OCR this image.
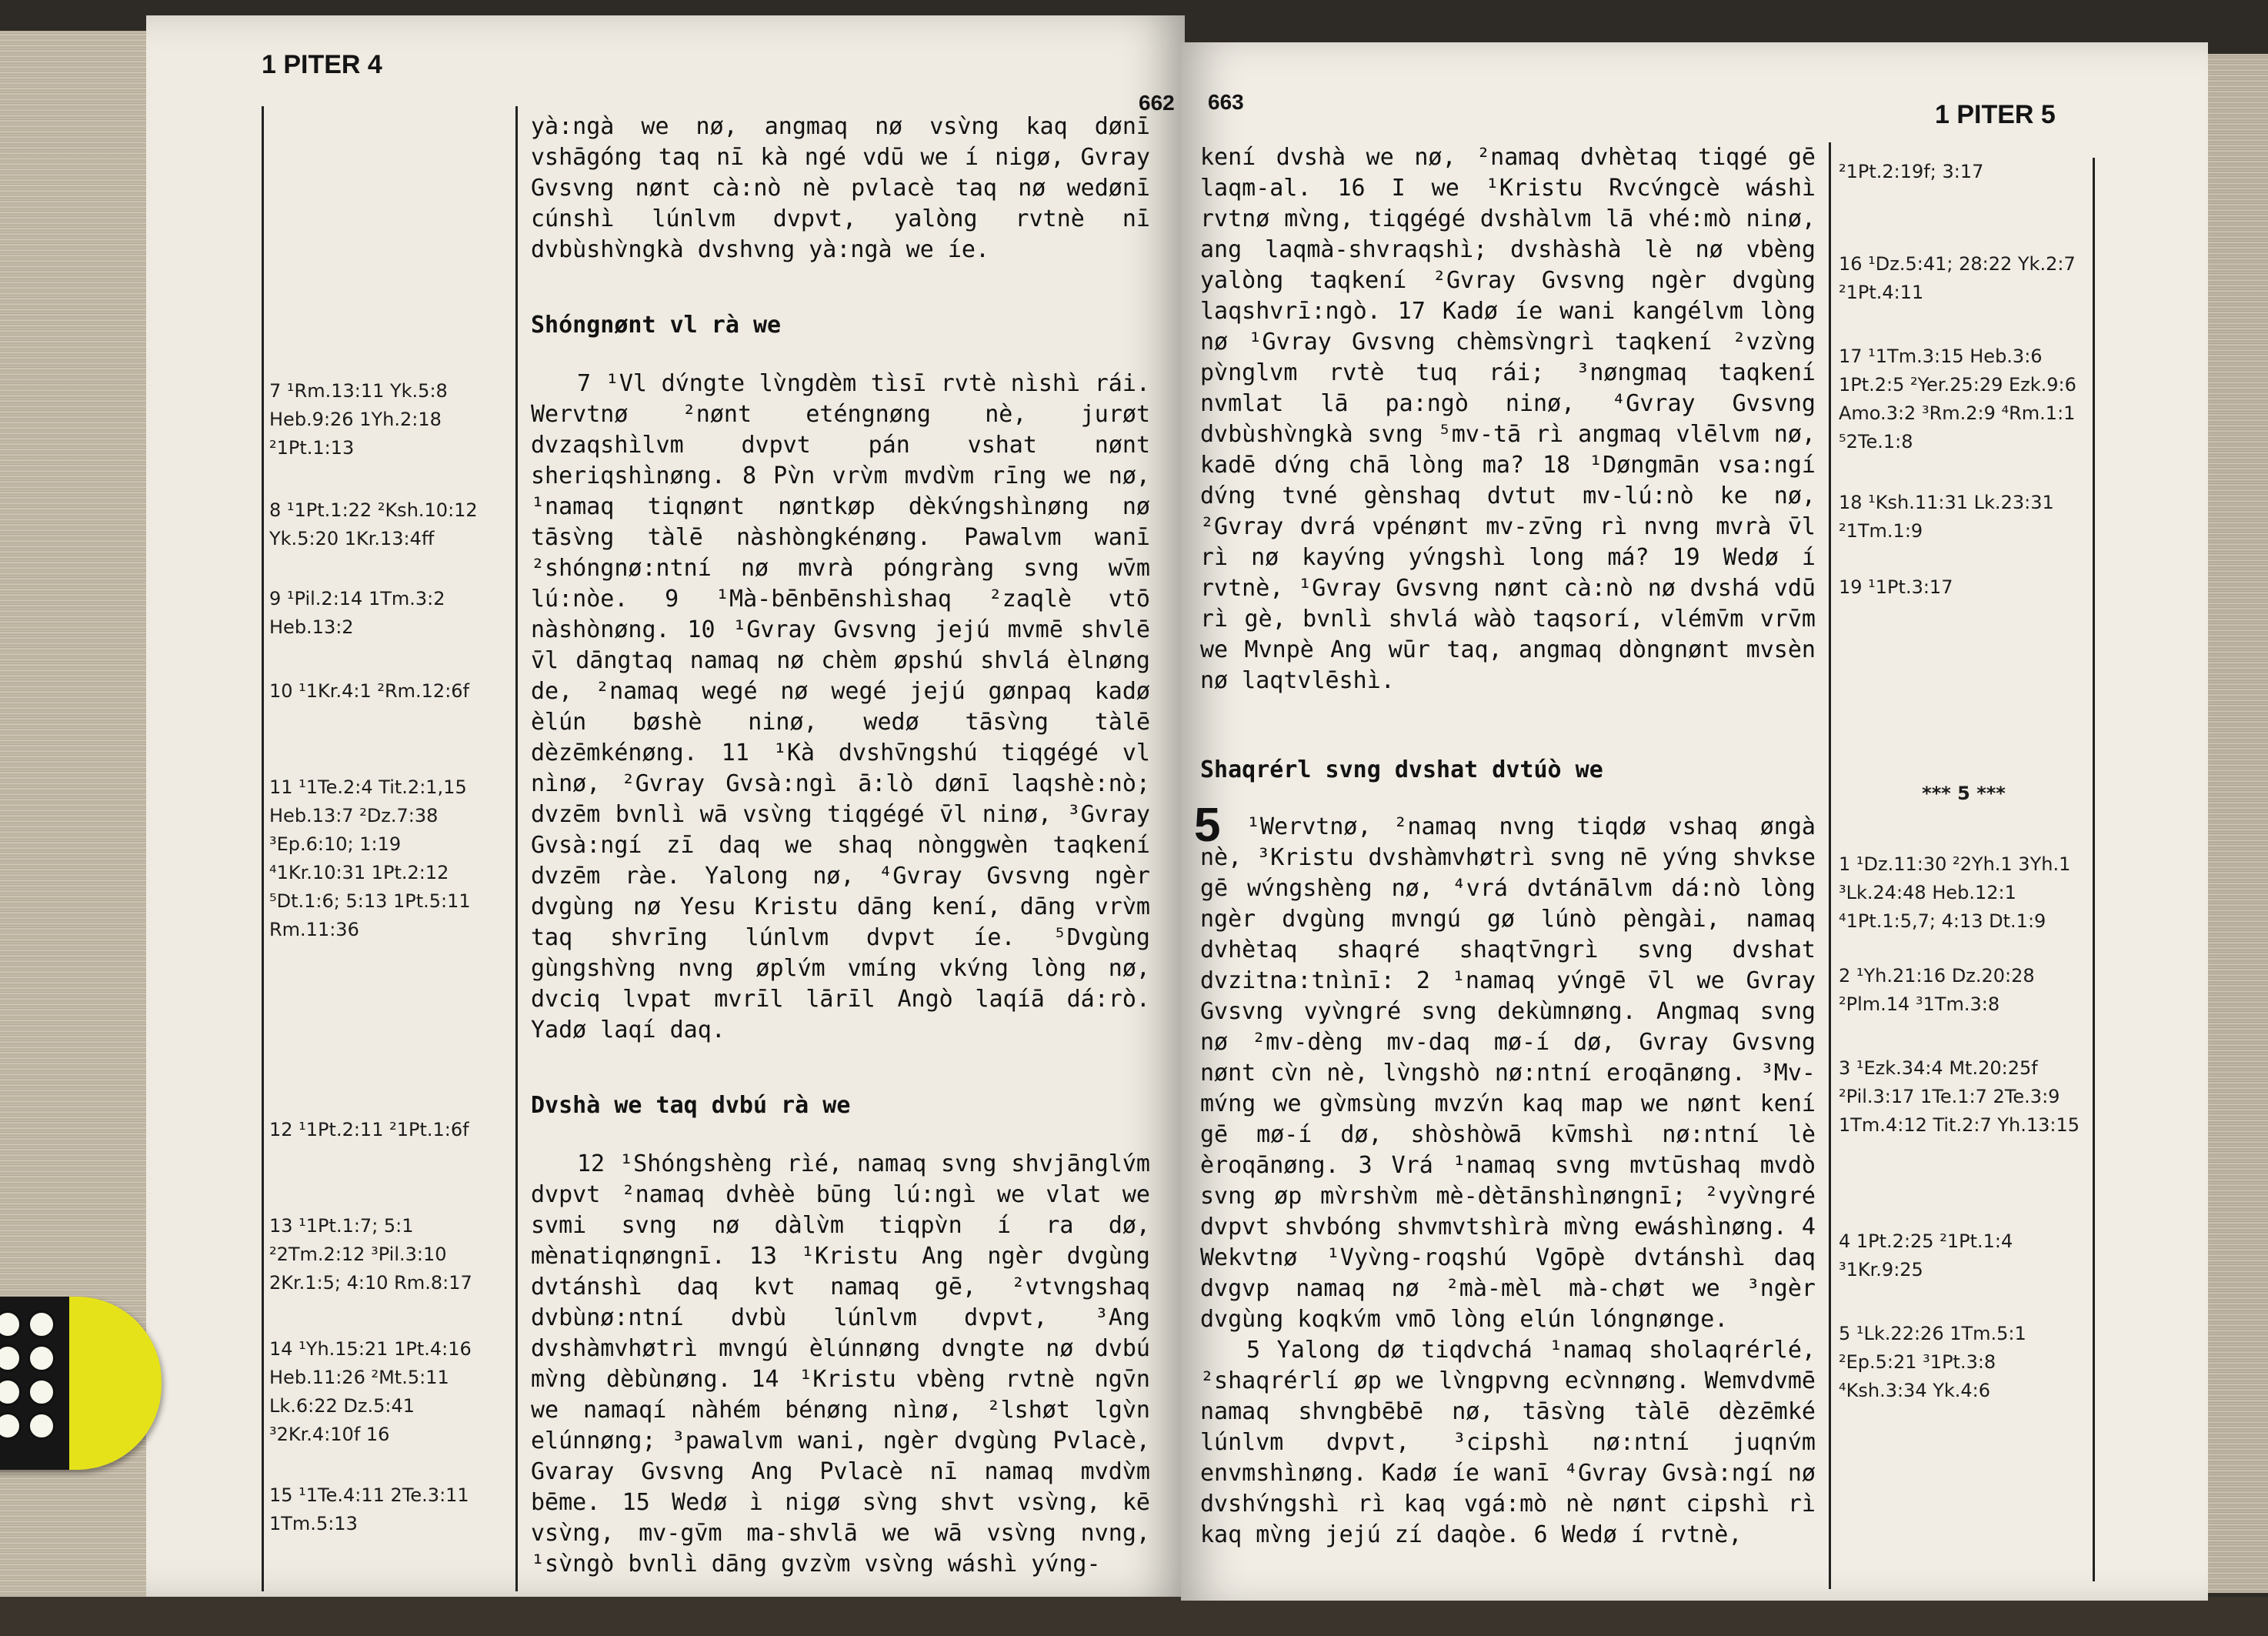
1 PITER 4
662

7 ¹Rm.13:11 Yk.5:8 Heb.9:26 1Yh.2:18 ²1Pt.1:13

8 ¹1Pt.1:22 ²Ksh.10:12 Yk.5:20 1Kr.13:4ff

9 ¹Pil.2:14 1Tm.3:2 Heb.13:2

10 ¹1Kr.4:1 ²Rm.12:6f

11 ¹1Te.2:4 Tit.2:1,15 Heb.13:7 ²Dz.7:38 ³Ep.6:10; 1:19 ⁴1Kr.10:31 1Pt.2:12 ⁵Dt.1:6; 5:13 1Pt.5:11 Rm.11:36

12 ¹1Pt.2:11 ²1Pt.1:6f

13 ¹1Pt.1:7; 5:1 ²2Tm.2:12 ³Pil.3:10 2Kr.1:5; 4:10 Rm.8:17

14 ¹Yh.15:21 1Pt.4:16 Heb.11:26 ²Mt.5:11 Lk.6:22 Dz.5:41 ³2Kr.4:10f 16

15 ¹1Te.4:11 2Te.3:11 1Tm.5:13

yà:ngà we nø, angmaq nø vsv̀ng kaq dønī vshāgóng taq nī kà ngé vdū we í nigø, Gvray Gvsvng nønt cà:nò nè pvlacè taq nø wedønī cúnshì lúnlvm dvpvt, yalòng rvtnè nī dvbùshv̀ngkà dvshvng yà:ngà we íe.

Shóngnønt vl rà we

7 ¹Vl dv́ngte lv̀ngdèm tìsī rvtè nìshì rái. Wervtnø ²nønt eténgnøng nè, jurøt dvzaqshìlvm dvpvt pán vshat nønt sheriqshìnøng. 8 Pv̀n vrv̀m mvdv̀m rīng we nø, ¹namaq tiqnønt nøntkøp dèkv́ngshìnøng nø tāsv̀ng tàlē nàshòngkénøng. Pawalvm wanī ²shóngnø:ntní nø mvrà póngràng svng wv̄m lú:nòe. 9 ¹Mà-bēnbēnshìshaq ²zaqlè vtō nàshònøng. 10 ¹Gvray Gvsvng jejú mvmē shvlē v̄l dāngtaq namaq nø chèm øpshú shvlá èlnøng de, ²namaq wegé nø wegé jejú gønpaq kadø èlún bøshè ninø, wedø tāsv̀ng tàlē dèzēmkénøng. 11 ¹Kà dvshv̄ngshú tiqgégé vl nìnø, ²Gvray Gvsà:ngì ā:lò dønī laqshè:nò; dvzēm bvnlì wā vsv̀ng tiqgégé v̄l ninø, ³Gvray Gvsà:ngí zī daq we shaq nònggwèn taqkení dvzēm ràe. Yalong nø, ⁴Gvray Gvsvng ngèr dvgùng nø Yesu Kristu dāng kení, dāng vrv̀m taq shvrīng lúnlvm dvpvt íe. ⁵Dvgùng gùngshv̀ng nvng øplv́m vmíng vkv́ng lòng nø, dvciq lvpat mvrīl lārīl Angò laqíā dá:rò. Yadø laqí daq.

Dvshà we taq dvbú rà we

12 ¹Shóngshèng rìé, namaq svng shvjānglv́m dvpvt ²namaq dvhèè būng lú:ngì we vlat we svmi svng nø dàlv̀m tiqpv̀n í ra dø, mènatiqnøngnī. 13 ¹Kristu Ang ngèr dvgùng dvtánshì daq kvt namaq gē, ²vtvngshaq dvbùnø:ntní dvbù lúnlvm dvpvt, ³Ang dvshàmvhøtrì mvngú èlúnnøng dvngte nø dvbú mv̀ng dèbùnøng. 14 ¹Kristu vbèng rvtnè ngv̄n we namaqí nàhém bénøng nìnø, ²lshøt lgv̀n elúnnøng; ³pawalvm wani, ngèr dvgùng Pvlacè, Gvaray Gvsvng Ang Pvlacè nī namaq mvdv̀m bēme. 15 Wedø ì nigø sv̀ng shvt vsv̀ng, kē vsv̀ng, mv-gv̄m ma-shvlā we wā vsv̀ng nvng, ¹sv̀ngò bvnlì dāng gvzv̀m vsv̀ng wáshì yv́ng-

663	1 PITER 5

kení dvshà we nø, ²namaq dvhètaq tiqgé gē laqm-al. 16 I we ¹Kristu Rvcv́ngcè wáshì rvtnø mv̀ng, tiqgégé dvshàlvm lā vhé:mò ninø, ang laqmà-shvraqshì; dvshàshà lè nø vbèng yalòng taqkení ²Gvray Gvsvng ngèr dvgùng laqshvrī:ngò. 17 Kadø íe wani kangélvm lòng nø ¹Gvray Gvsvng chèmsv̀ngrì taqkení ²vzv̀ng pv̀nglvm rvtè tuq rái; ³nøngmaq taqkení nvmlat lā pa:ngò ninø, ⁴Gvray Gvsvng dvbùshv̀ngkà svng ⁵mv-tā rì angmaq vlēlvm nø, kadē dv́ng chā lòng ma? 18 ¹Døngmān vsa:ngí dv́ng tvné gènshaq dvtut mv-lú:nò ke nø, ²Gvray dvrá vpénønt mv-zv̄ng rì nvng mvrà v̄l rì nø kayv́ng yv́ngshì long má? 19 Wedø í rvtnè, ¹Gvray Gvsvng nønt cà:nò nø dvshá vdū rì gè, bvnlì shvlá wàò taqsorí, vlémv̄m vrv̄m we Mvnpè Ang wūr taq, angmaq dòngnønt mvsèn nø laqtvlēshì.

Shaqrérl svng dvshat dvtúò we

5	¹Wervtnø, ²namaq nvng tiqdø vshaq øngà nè, ³Kristu dvshàmvhøtrì svng nē yv́ng shvkse gē wv́ngshèng nø, ⁴vrá dvtánālvm dá:nò lòng ngèr dvgùng mvngú gø lúnò pèngài, namaq dvhètaq shaqré shaqtv̄ngrì svng dvshat dvzitna:tnìnī: 2 ¹namaq yv́ngē v̄l we Gvray Gvsvng vyv̀ngré svng dekùmnøng. Angmaq svng nø ²mv-dèng mv-daq mø-í dø, Gvray Gvsvng nønt cv̀n nè, lv̀ngshò nø:ntní eroqānøng. ³Mv-mv́ng we gv̀msùng mvzv́n kaq map we nønt kení gē mø-í dø, shòshòwā kv̄mshì nø:ntní lè èroqānøng. 3 Vrá ¹namaq svng mvtūshaq mvdò svng øp mv̀rshv̀m mè-dètānshìnøngnī; ²vyv̀ngré dvpvt shvbóng shvmvtshìrà mv̀ng ewáshìnøng. 4 Wekvtnø ¹Vyv̀ng-roqshú Vgōpè dvtánshì daq dvgvp namaq nø ²mà-mèl mà-chøt we ³ngèr dvgùng koqkv́m vmō lòng elún lóngnønge.

5 Yalong dø tiqdvchá ¹namaq sholaqrérlé, ²shaqrérlí øp we lv̀ngpvng ecv̀nnøng. Wemvdvmē namaq shvngbēbē nø, tāsv̀ng tàlē dèzēmké lúnlvm dvpvt, ³cipshì nø:ntní juqnv́m envmshìnøng. Kadø íe wanī ⁴Gvray Gvsà:ngí nø dvshv́ngshì rì kaq vgá:mò nè nønt cipshì rì kaq mv̀ng jejú zí daqòe. 6 Wedø í rvtnè,

²1Pt.2:19f; 3:17

16 ¹Dz.5:41; 28:22 Yk.2:7 ²1Pt.4:11

17 ¹1Tm.3:15 Heb.3:6 1Pt.2:5 ²Yer.25:29 Ezk.9:6 Amo.3:2 ³Rm.2:9 ⁴Rm.1:1 ⁵2Te.1:8

18 ¹Ksh.11:31 Lk.23:31 ²1Tm.1:9

19 ¹1Pt.3:17

*** 5 ***

1 ¹Dz.11:30 ²2Yh.1 3Yh.1 ³Lk.24:48 Heb.12:1 ⁴1Pt.1:5,7; 4:13 Dt.1:9

2 ¹Yh.21:16 Dz.20:28 ²Plm.14 ³1Tm.3:8

3 ¹Ezk.34:4 Mt.20:25f ²Pil.3:17 1Te.1:7 2Te.3:9 1Tm.4:12 Tit.2:7 Yh.13:15

4 1Pt.2:25 ²1Pt.1:4 ³1Kr.9:25

5 ¹Lk.22:26 1Tm.5:1 ²Ep.5:21 ³1Pt.3:8 ⁴Ksh.3:34 Yk.4:6
